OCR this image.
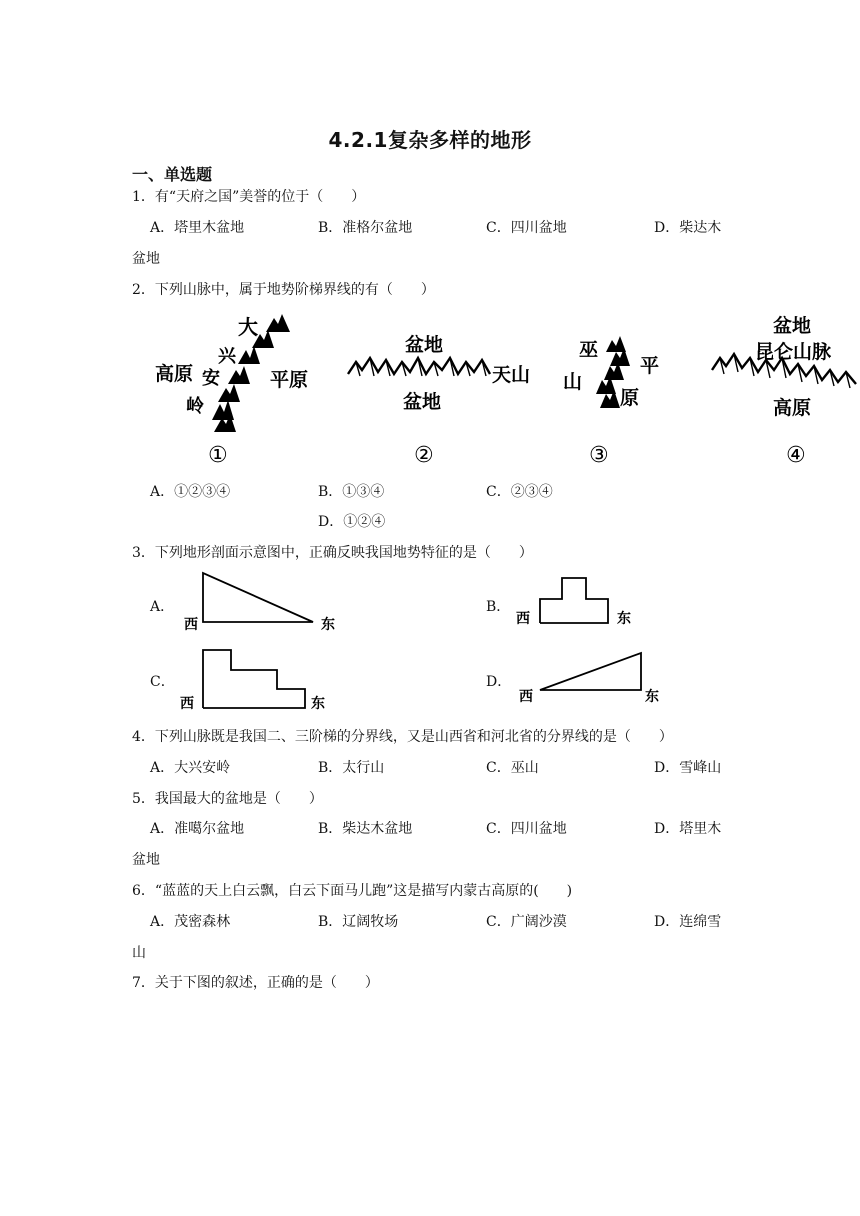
4.2.1复杂多样的地形
一、单选题
1．有“天府之国”美誉的位于（　　）
A．塔里木盆地	B．准格尔盆地	C．四川盆地	D．柴达木
盆地
2．下列山脉中，属于地势阶梯界线的有（　　）
大
兴
安
岭
高原	平原
①
盆地
盆地
天山
②
巫
山
平
原
③
盆地
昆仑山脉
高原
④
A．①②③④	B．①③④	C．②③④
D．①②④
3．下列地形剖面示意图中，正确反映我国地势特征的是（　　）
A．	B．
C．	D．
西	东	西	东
西	东	西	东
4．下列山脉既是我国二、三阶梯的分界线，又是山西省和河北省的分界线的是（　　）
A．大兴安岭	B．太行山	C．巫山	D．雪峰山
5．我国最大的盆地是（　　）
A．准噶尔盆地	B．柴达木盆地	C．四川盆地	D．塔里木
盆地
6．“蓝蓝的天上白云飘，白云下面马儿跑”这是描写内蒙古高原的(　　)
A．茂密森林	B．辽阔牧场	C．广阔沙漠	D．连绵雪
山
7．关于下图的叙述，正确的是（　　）
